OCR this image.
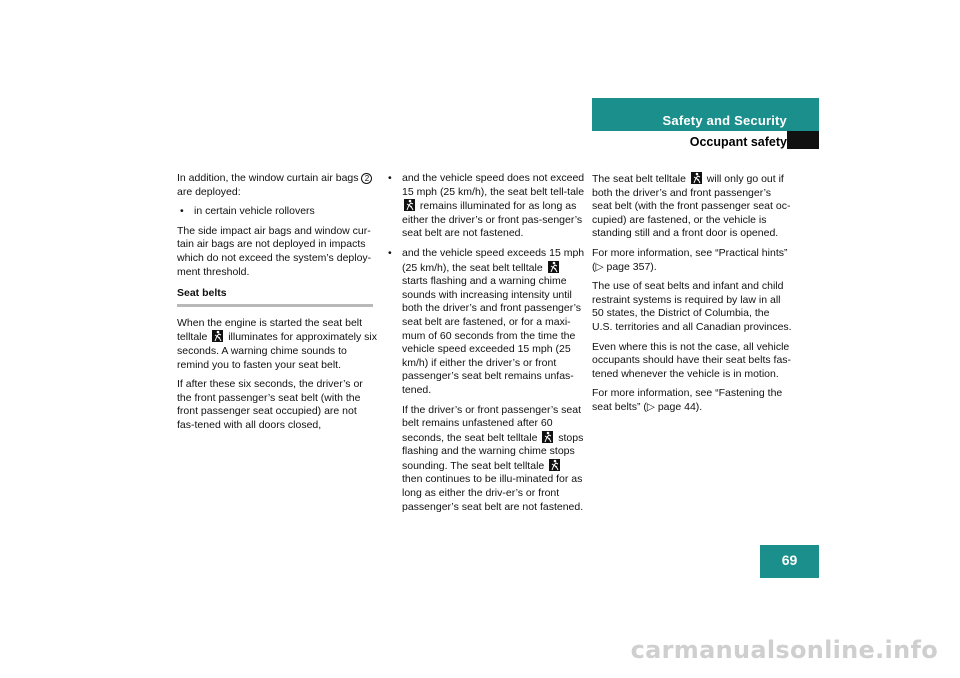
Safety and Security
Occupant safety
In addition, the window curtain air bags 2 are deployed:
• in certain vehicle rollovers
The side impact air bags and window cur-tain air bags are not deployed in impacts which do not exceed the system’s deploy-ment threshold.
Seat belts
When the engine is started the seat belt telltale
illuminates for approximately six seconds. A warning chime sounds to remind you to fasten your seat belt.
If after these six seconds, the driver’s or the front passenger’s seat belt (with the front passenger seat occupied) are not fas-tened with all doors closed,
• and the vehicle speed does not exceed 15 mph (25 km/h), the seat belt tell-tale
remains illuminated for as long as either the driver’s or front pas-senger’s seat belt are not fastened.
• and the vehicle speed exceeds 15 mph (25 km/h), the seat belt telltale
starts flashing and a warning chime sounds with increasing intensity until both the driver’s and front passenger’s seat belt are fastened, or for a maxi-mum of 60 seconds from the time the vehicle speed exceeded 15 mph (25 km/h) if either the driver’s or front passenger’s seat belt remains unfas-tened.
If the driver’s or front passenger’s seat belt remains unfastened after 60 seconds, the seat belt telltale
stops flashing and the warning chime stops sounding. The seat belt telltale
then continues to be illu-minated for as long as either the driv-er’s or front passenger’s seat belt are not fastened.
The seat belt telltale
will only go out if both the driver’s and front passenger’s seat belt (with the front passenger seat oc-cupied) are fastened, or the vehicle is standing still and a front door is opened.
For more information, see “Practical hints” (▷ page 357).
The use of seat belts and infant and child restraint systems is required by law in all 50 states, the District of Columbia, the U.S. territories and all Canadian provinces.
Even where this is not the case, all vehicle occupants should have their seat belts fas-tened whenever the vehicle is in motion.
For more information, see “Fastening the seat belts” (▷ page 44).
69
carmanualsonline.info
